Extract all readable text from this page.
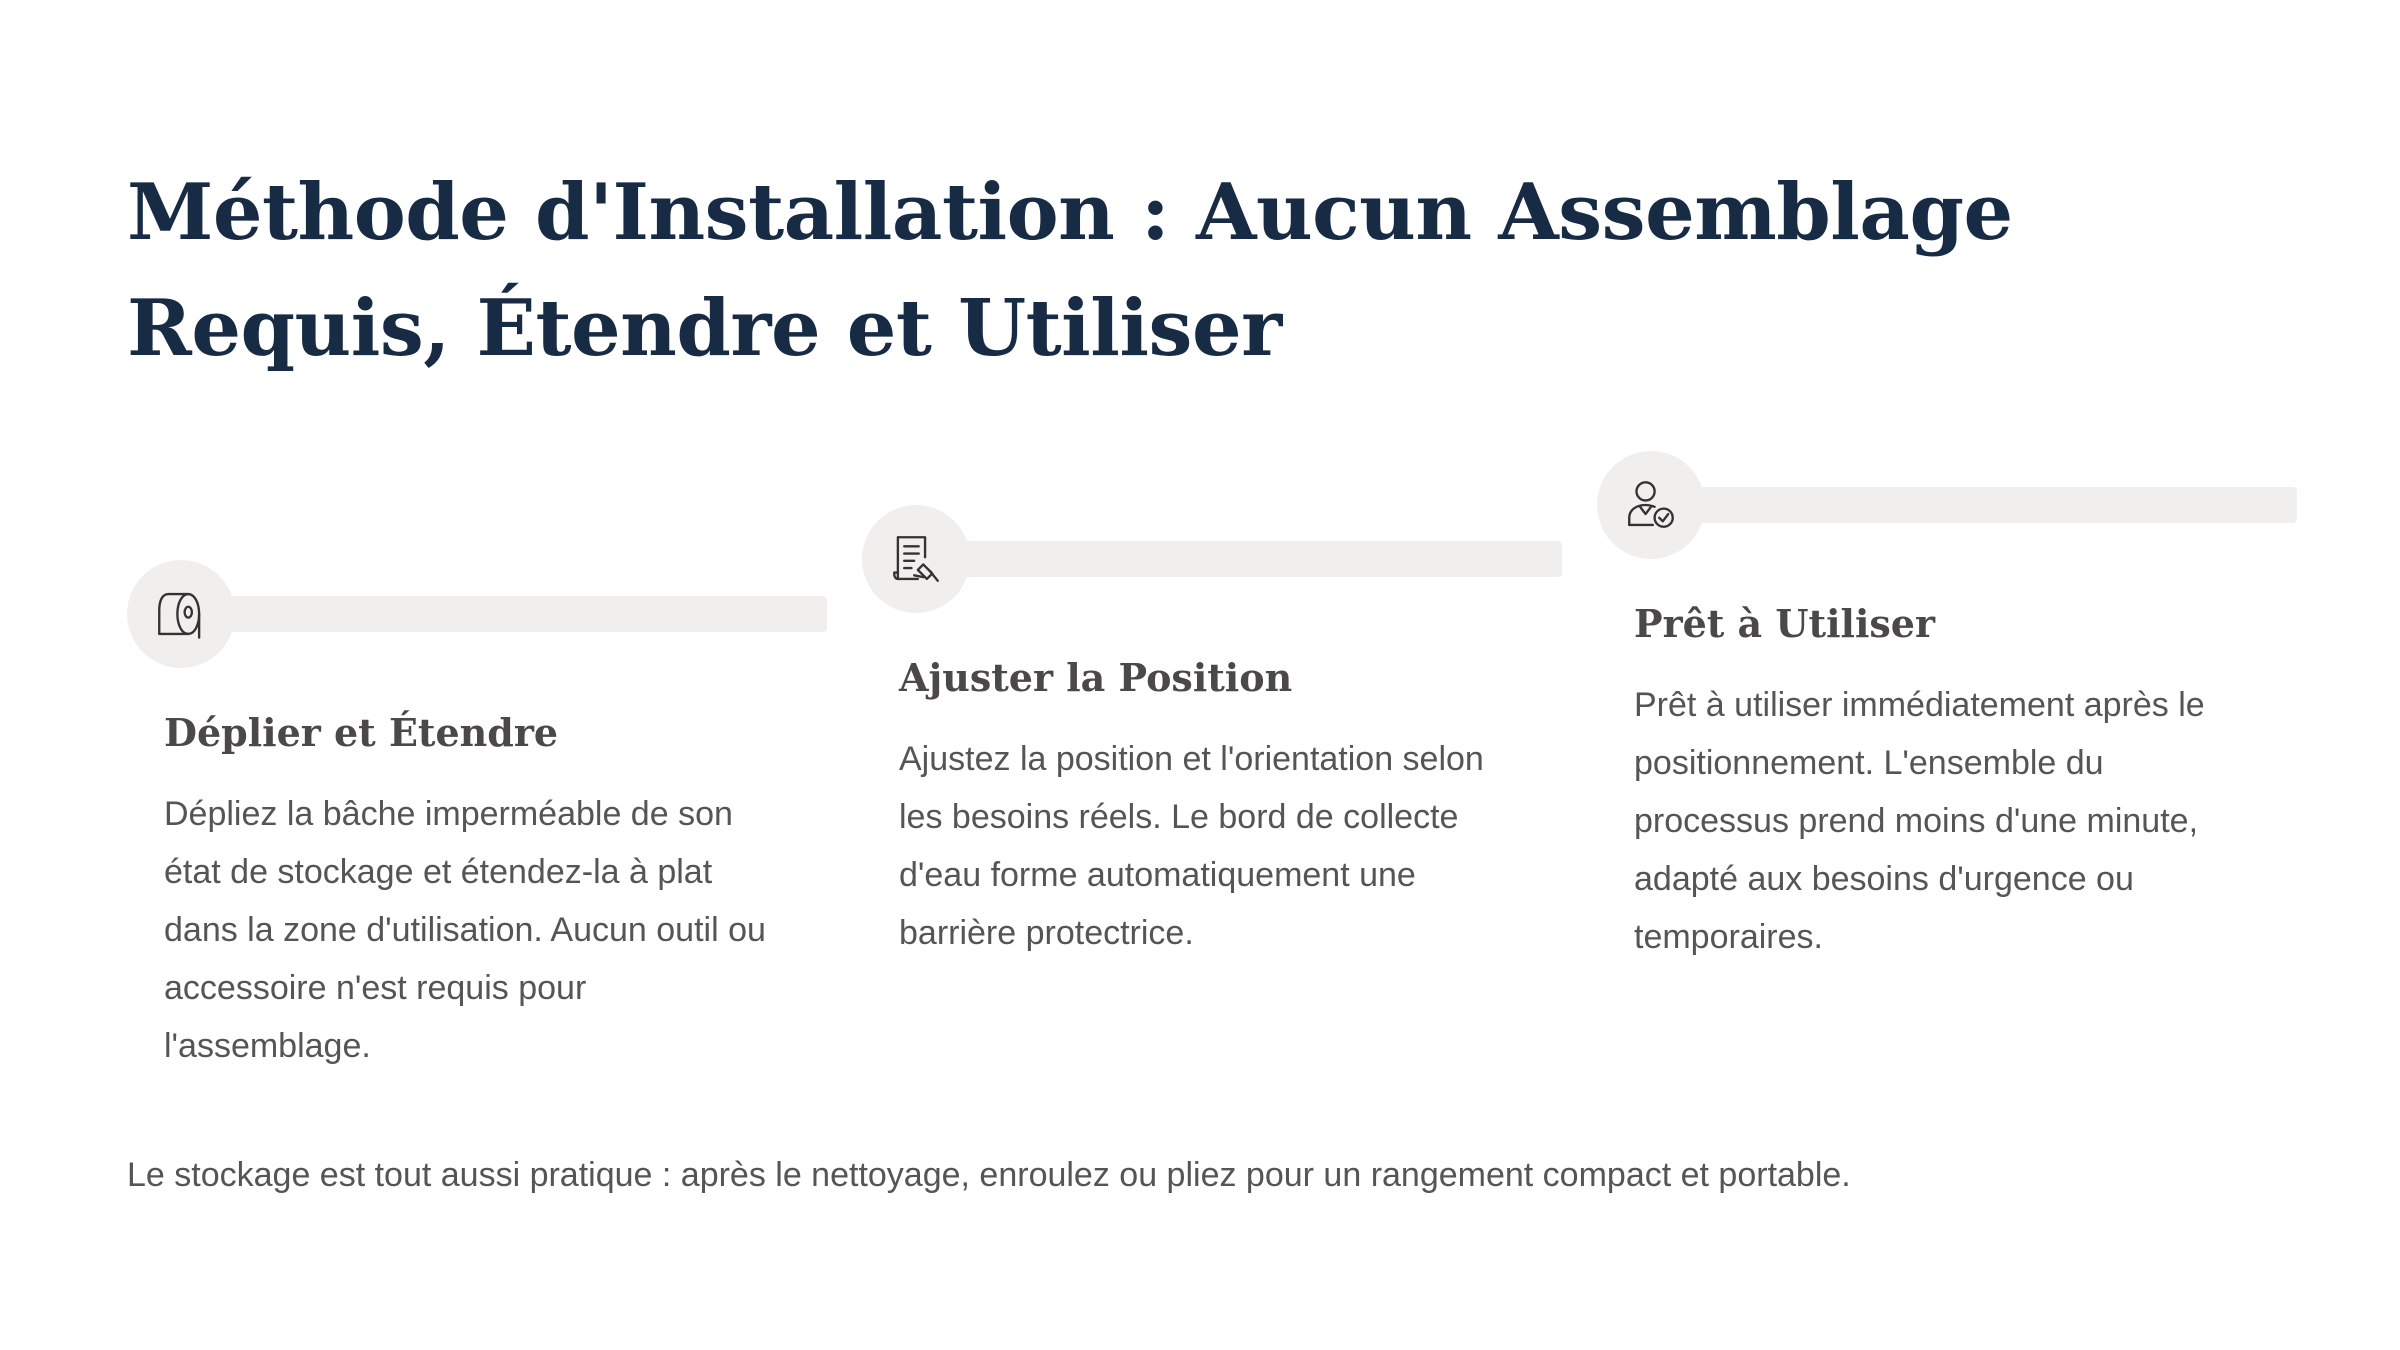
Méthode d'Installation : Aucun Assemblage Requis, Étendre et Utiliser
Déplier et Étendre

Dépliez la bâche imperméable de son état de stockage et étendez-la à plat dans la zone d'utilisation. Aucun outil ou accessoire n'est requis pour l'assemblage.

Ajuster la Position

Ajustez la position et l'orientation selon les besoins réels. Le bord de collecte d'eau forme automatiquement une barrière protectrice.

Prêt à Utiliser

Prêt à utiliser immédiatement après le positionnement. L'ensemble du processus prend moins d'une minute, adapté aux besoins d'urgence ou temporaires.

Le stockage est tout aussi pratique : après le nettoyage, enroulez ou pliez pour un rangement compact et portable.
